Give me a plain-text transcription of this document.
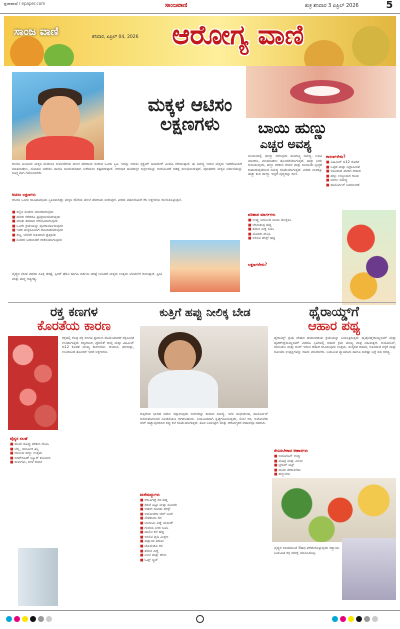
ಪ್ರಜಾವಾಣಿ / epaper.com	ಸಾಂಜವಾಣಿ	ಶುಕ್ರ ಶನಿವಾರ 3 ಏಪ್ರಿಲ್ 2026	5
ಸಾಂಜ ವಾಣಿ	ಶನಿವಾರ, ಏಪ್ರಿಲ್ 04, 2026 ಆರೋಗ್ಯ ವಾಣಿ
ಮಕ್ಕಳ ಆಟಿಸಂ ಲಕ್ಷಣಗಳು
ಆಟಿಸಂ ಎಂಬುದು ಮಕ್ಕಳ ಮೆದುಳಿನ ಬೆಳವಣಿಗೆಯ ಮೇಲೆ ಪರಿಣಾಮ ಬೀರುವ ಒಂದು ಸ್ಥಿತಿ. ಇದನ್ನು ಆಟಿಸಂ ಸ್ಪೆಕ್ಟ್ರಮ್ ಡಿಸಾರ್ಡರ್ ಎಂದೂ ಕರೆಯುತ್ತಾರೆ. ಈ ಸಮಸ್ಯೆ ಇರುವ ಮಕ್ಕಳು ಇತರರೊಂದಿಗೆ ಮಾತನಾಡಲು, ಸಂವಹನ ನಡೆಸಲು ಹಾಗೂ ಸಾಮಾಜಿಕವಾಗಿ ಬೆರೆಯಲು ಕಷ್ಟಪಡುತ್ತಾರೆ. ಆರಂಭಿಕ ಹಂತದಲ್ಲೇ ಲಕ್ಷಣಗಳನ್ನು ಗುರುತಿಸಿದರೆ ಚಿಕಿತ್ಸೆ ಸುಲಭವಾಗುತ್ತದೆ. ಪೋಷಕರು ಮಕ್ಕಳ ವರ್ತನೆಯನ್ನು ಸೂಕ್ಷ್ಮವಾಗಿ ಗಮನಿಸಬೇಕು.
ಆಟಿಸಂ ಲಕ್ಷಣಗಳು
ಆಟಿಸಂ ಒಂದು ಜೀವಿತಾವಧಿಯ ಸ್ಥಿತಿಯಾಗಿದ್ದು ಮಕ್ಕಳ ಕಲಿಕೆಯ ಮೇಲೆ ಪರಿಣಾಮ ಬೀರುತ್ತದೆ. ಎರಡು ವರ್ಷದೊಳಗೆ ಕೆಲ ಲಕ್ಷಣಗಳು ಕಾಣಿಸಿಕೊಳ್ಳುತ್ತವೆ.
■ ಕಣ್ಣಿನ ಸಂಪರ್ಕ ಮಾಡದಿರುವುದು
■ ಹೆಸರು ಕರೆದರೂ ಪ್ರತಿಕ್ರಿಯಿಸದಿರುವುದು
■ ಮಾತು ತಡವಾಗಿ ಆರಂಭವಾಗುವುದು
■ ಒಂದೇ ಕ್ರಿಯೆಯನ್ನು ಪುನರಾವರ್ತಿಸುವುದು
■ ಇತರ ಮಕ್ಕಳೊಂದಿಗೆ ಆಟವಾಡದಿರುವುದು
■ ಶಬ್ದ, ಬೆಳಕಿಗೆ ಅತಿಯಾದ ಪ್ರತಿಕ್ರಿಯೆ
■ ದಿನಚರಿ ಬದಲಾದರೆ ಕಿರಿಕಿರಿಯಾಗುವುದು
ವೈದ್ಯರ ಸಲಹೆ ಪಡೆದು ಸೂಕ್ತ ಚಿಕಿತ್ಸೆ, ಸ್ಪೀಚ್ ಥೆರಪಿ ಹಾಗೂ ವರ್ತನಾ ಚಿಕಿತ್ಸೆ ನೀಡಿದರೆ ಮಕ್ಕಳು ಉತ್ತಮ ಬೆಳವಣಿಗೆ ಕಾಣುತ್ತಾರೆ. ಪ್ರೀತಿ ಮತ್ತು ತಾಳ್ಮೆ ಅತ್ಯಗತ್ಯ.
ಬಾಯಿ ಹುಣ್ಣು
ಎಚ್ಚರ ಅವಶ್ಯ
ಕಾರಣಗಳೇನು?
■ ವಿಟಮಿನ್ ಬಿ12 ಕೊರತೆ
■ ಒತ್ತಡ ಮತ್ತು ನಿದ್ರಾಹೀನತೆ
■ ಅತಿಯಾದ ಖಾರದ ಆಹಾರ
■ ಹಲ್ಲು ಉಜ್ಜುವಾಗ ಗಾಯ
■ ಜೀರ್ಣ ಸಮಸ್ಯೆ
■ ಹಾರ್ಮೋನ್ ಬದಲಾವಣೆ
ಬಾಯಿಯಲ್ಲಿ ಹುಣ್ಣು ಆಗುವುದು ಸಾಮಾನ್ಯ ಸಮಸ್ಯೆ. ಊಟ ಮಾಡಲು, ಮಾತನಾಡಲು ತೊಂದರೆಯಾಗುತ್ತದೆ. ಹೆಚ್ಚು ನೀರು ಕುಡಿಯುವುದು, ಹಣ್ಣು ತರಕಾರಿ ಸೇವನೆ ಮತ್ತು ಬಾಯಿಯ ಸ್ವಚ್ಛತೆ ಕಾಪಾಡುವುದರಿಂದ ಸಮಸ್ಯೆ ಕಡಿಮೆಯಾಗುತ್ತದೆ. ಎರಡು ವಾರಕ್ಕೂ ಹೆಚ್ಚು ಕಾಲ ಹುಣ್ಣು ಇದ್ದರೆ ವೈದ್ಯರನ್ನು ಕಾಣಿ.
ಪರಿಹಾರ ಮಾರ್ಗಗಳು
■ ಉಪ್ಪು ನೀರಿನಿಂದ ಬಾಯಿ ಮುಕ್ಕಳಿಸಿ
■ ಜೇನುತುಪ್ಪ ಹಚ್ಚಿ
■ ತೆಂಗಿನ ಎಣ್ಣೆ ಬಳಸಿ
■ ಮೊಸರು ಸೇವಿಸಿ
■ ಅರಿಶಿನ ಪೇಸ್ಟ್ ಹಚ್ಚಿ
ಲಕ್ಷಣಗಳೇನು?
ರಕ್ತ ಕಣಗಳ
ಕೊರತೆಯ ಕಾರಣ
ರಕ್ತದಲ್ಲಿ ಕೆಂಪು ರಕ್ತ ಕಣಗಳ ಪ್ರಮಾಣ ಕಡಿಮೆಯಾದರೆ ರಕ್ತಹೀನತೆ ಉಂಟಾಗುತ್ತದೆ. ಕಬ್ಬಿಣಾಂಶ, ಫೋಲಿಕ್ ಆಮ್ಲ ಮತ್ತು ವಿಟಮಿನ್ ಬಿ12 ಕೊರತೆ ಮುಖ್ಯ ಕಾರಣಗಳು. ಆಯಾಸ, ತಲೆಸುತ್ತು, ಉಸಿರಾಟದ ತೊಂದರೆ ಇದರ ಲಕ್ಷಣಗಳು.
ವೈದ್ಯರ ಸಲಹೆ
■ ಹಸಿರು ಸೊಪ್ಪು ತರಕಾರಿ ಸೇವಿಸಿ
■ ಬೆಲ್ಲ, ಖರ್ಜೂರ ತಿನ್ನಿ
■ ದಾಳಿಂಬೆ ಹಣ್ಣು ಉತ್ತಮ
■ ಬೀಟ್‌ರೂಟ್ ಜ್ಯೂಸ್ ಕುಡಿಯಿರಿ
■ ಕಾಳುಗಳು, ಬೇಳೆ ಸೇವನೆ
ಕುತ್ತಿಗೆ ಹಪ್ಪು ನೀಲಿಕ್ಕ ಬೇಡ
ಕುತ್ತಿಗೆಯ ಭಾಗದ ಚರ್ಮ ಕಪ್ಪಾಗುವುದು ಅನೇಕರನ್ನು ಕಾಡುವ ಸಮಸ್ಯೆ. ಇದು ಮಧುಮೇಹ, ಹಾರ್ಮೋನ್ ಅಸಮತೋಲನದ ಸೂಚನೆಯೂ ಆಗಿರಬಹುದು. ನಿಯಮಿತವಾಗಿ ಸ್ವಚ್ಛಗೊಳಿಸುವುದು, ಲಿಂಬೆ ರಸ, ಅಲೋವೆರಾ ಜೆಲ್ ಹಚ್ಚುವುದರಿಂದ ಕಪ್ಪು ಕಲೆ ಕಡಿಮೆಯಾಗುತ್ತದೆ. ತೂಕ ನಿಯಂತ್ರಣ ಮತ್ತು ಆರೋಗ್ಯಕರ ಆಹಾರವೂ ಸಹಕಾರಿ.
ಮನೆಮದ್ದುಗಳು
■ ಆಲೂಗಡ್ಡೆ ರಸ ಹಚ್ಚಿ
■ ಕಡಲೆ ಹಿಟ್ಟು ಮತ್ತು ಮೊಸರು
■ ಅಡುಗೆ ಸೋಡಾ ಪೇಸ್ಟ್
■ ಅಲೋವೆರಾ ಜೆಲ್ ಬಳಕೆ
■ ಸೌತೆಕಾಯಿ ರಸ
■ ಬಾದಾಮಿ ಎಣ್ಣೆ ಮಸಾಜ್
■ ಗುಲಾಬಿ ನೀರು ಬಳಸಿ
■ ಹಾಲಿನ ಕೆನೆ ಹಚ್ಚಿ
■ ಅರಿಶಿನ ಪುಡಿ ಮಿಶ್ರಣ
■ ಪಪ್ಪಾಯ ತಿರುಳು
■ ಟೊಮೆಟೊ ರಸ
■ ತೆಂಗಿನ ಎಣ್ಣೆ
■ ನಿಂಬೆ ಮತ್ತು ಜೇನು
■ ಓಟ್ಸ್ ಸ್ಕ್ರಬ್
ಥೈರಾಯ್ಡ್‌ಗೆ
ಆಹಾರ ಪಥ್ಯ
ಥೈರಾಯ್ಡ್ ಗ್ರಂಥಿ ದೇಹದ ಚಯಾಪಚಯ ಕ್ರಿಯೆಯನ್ನು ನಿಯಂತ್ರಿಸುತ್ತದೆ. ಹೈಪೋಥೈರಾಯ್ಡಿಸಮ್ ಮತ್ತು ಹೈಪರ್‌ಥೈರಾಯ್ಡಿಸಮ್ ಎರಡೂ ಸ್ಥಿತಿಗಳಲ್ಲಿ ಆಹಾರ ಕ್ರಮ ಮುಖ್ಯ ಪಾತ್ರ ವಹಿಸುತ್ತದೆ. ಅಯೋಡಿನ್, ಸೆಲೆನಿಯಂ ಮತ್ತು ಜಿಂಕ್ ಇರುವ ಆಹಾರ ಸೇವಿಸುವುದು ಉತ್ತಮ. ಸಂಸ್ಕರಿತ ಆಹಾರ, ಅತಿಯಾದ ಸಕ್ಕರೆ ಮತ್ತು ಸೋಯಾ ಉತ್ಪನ್ನಗಳನ್ನು ಕಡಿಮೆ ಮಾಡಬೇಕು. ನಿಯಮಿತ ವ್ಯಾಯಾಮ ಹಾಗೂ ಸಾಕಷ್ಟು ನಿದ್ರೆ ಸಹ ಅಗತ್ಯ.
ಸೇವಿಸಬೇಕಾದ ಆಹಾರಗಳು
■ ಅಯೋಡಿನ್ ಉಪ್ಪು
■ ಮೊಟ್ಟೆ ಮತ್ತು ಮೀನು
■ ಬ್ರೆಜಿಲ್ ನಟ್ಸ್
■ ಹಸಿರು ತರಕಾರಿಗಳು
■ ಹಣ್ಣುಗಳು
ವೈದ್ಯರ ಸಲಹೆಯಂತೆ ಔಷಧ ತೆಗೆದುಕೊಳ್ಳುವುದು ಕಡ್ಡಾಯ. ನಿಯಮಿತ ರಕ್ತ ಪರೀಕ್ಷೆ ಮಾಡಿಸಿಕೊಳ್ಳಿ.
